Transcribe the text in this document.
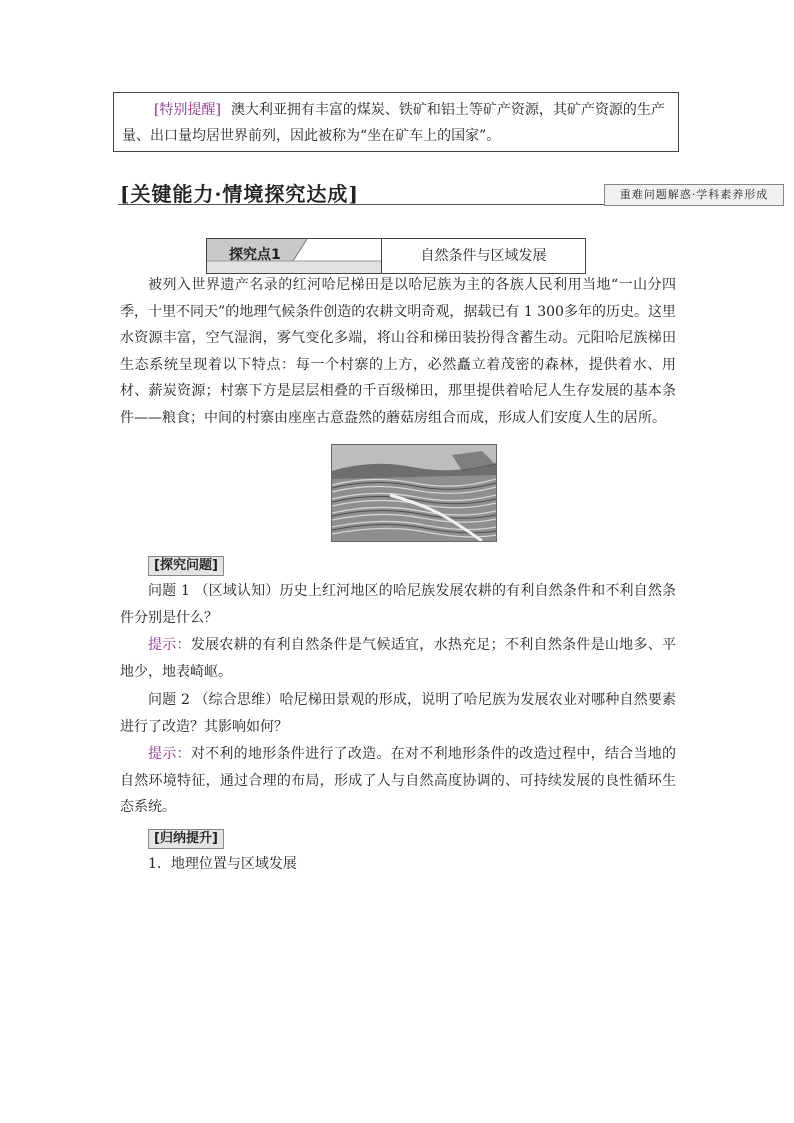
[特别提醒] 澳大利亚拥有丰富的煤炭、铁矿和铝土等矿产资源，其矿产资源的生产量、出口量均居世界前列，因此被称为“坐在矿车上的国家”。
[ 关键能力·情境探究达成 ]	重难问题解惑·学科素养形成
探究点1	自然条件与区域发展
被列入世界遗产名录的红河哈尼梯田是以哈尼族为主的各族人民利用当地“一山分四季，十里不同天”的地理气候条件创造的农耕文明奇观，据载已有 1 300多年的历史。这里水资源丰富，空气湿润，雾气变化多端，将山谷和梯田装扮得含蓄生动。元阳哈尼族梯田生态系统呈现着以下特点：每一个村寨的上方，必然矗立着茂密的森林，提供着水、用材、薪炭资源；村寨下方是层层相叠的千百级梯田，那里提供着哈尼人生存发展的基本条件——粮食；中间的村寨由座座古意盎然的蘑菇房组合而成，形成人们安度人生的居所。
[探究问题]
问题 1 （区域认知）历史上红河地区的哈尼族发展农耕的有利自然条件和不利自然条件分别是什么？
提示：发展农耕的有利自然条件是气候适宜，水热充足；不利自然条件是山地多、平地少，地表崎岖。
问题 2 （综合思维）哈尼梯田景观的形成，说明了哈尼族为发展农业对哪种自然要素进行了改造？其影响如何？
提示：对不利的地形条件进行了改造。在对不利地形条件的改造过程中，结合当地的自然环境特征，通过合理的布局，形成了人与自然高度协调的、可持续发展的良性循环生态系统。
[归纳提升]
1．地理位置与区域发展
